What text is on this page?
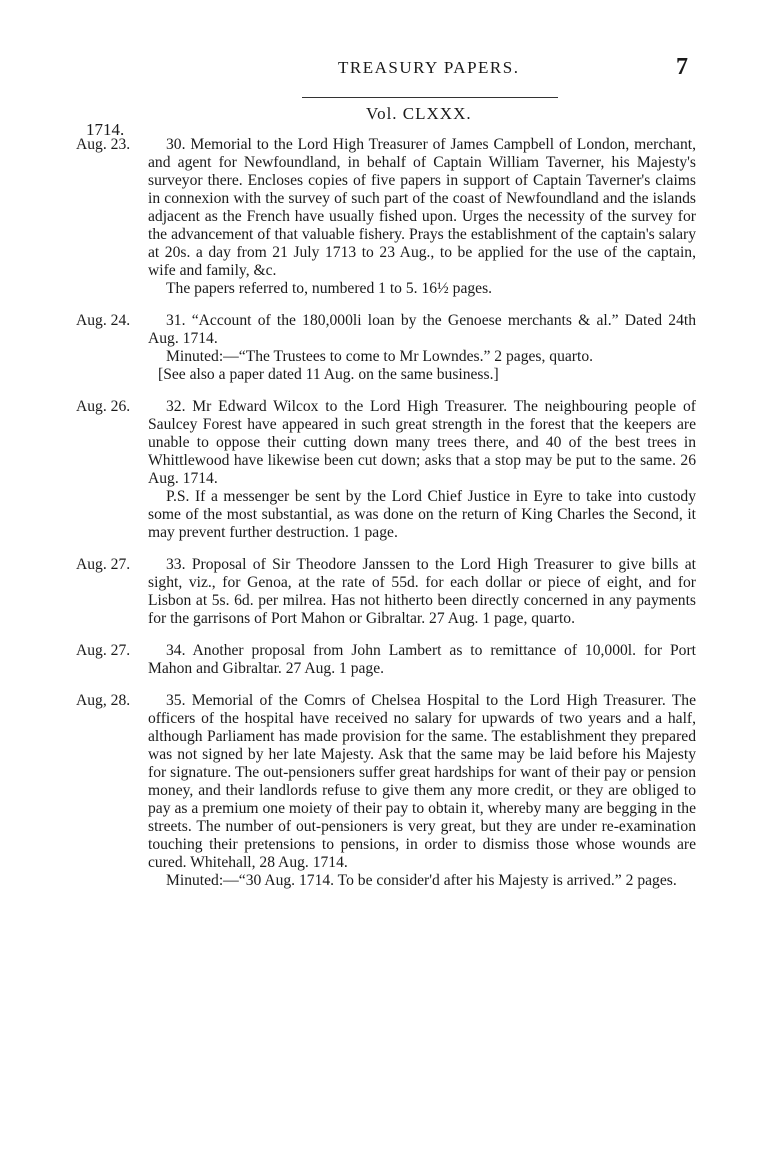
TREASURY PAPERS.	7
Vol. CLXXX.
1714.
Aug. 23.	30. Memorial to the Lord High Treasurer of James Campbell of London, merchant, and agent for Newfoundland, in behalf of Captain William Taverner, his Majesty's surveyor there. Encloses copies of five papers in support of Captain Taverner's claims in connexion with the survey of such part of the coast of Newfoundland and the islands adjacent as the French have usually fished upon. Urges the necessity of the survey for the advancement of that valuable fishery. Prays the establishment of the captain's salary at 20s. a day from 21 July 1713 to 23 Aug., to be applied for the use of the captain, wife and family, &c.

The papers referred to, numbered 1 to 5. 16½ pages.

Aug. 24.	31. “Account of the 180,000li loan by the Genoese merchants & al.” Dated 24th Aug. 1714.

Minuted:—“The Trustees to come to Mr Lowndes.” 2 pages, quarto.

[See also a paper dated 11 Aug. on the same business.]

Aug. 26.	32. Mr Edward Wilcox to the Lord High Treasurer. The neighbouring people of Saulcey Forest have appeared in such great strength in the forest that the keepers are unable to oppose their cutting down many trees there, and 40 of the best trees in Whittlewood have likewise been cut down; asks that a stop may be put to the same. 26 Aug. 1714.

P.S. If a messenger be sent by the Lord Chief Justice in Eyre to take into custody some of the most substantial, as was done on the return of King Charles the Second, it may prevent further destruction. 1 page.

Aug. 27.	33. Proposal of Sir Theodore Janssen to the Lord High Treasurer to give bills at sight, viz., for Genoa, at the rate of 55d. for each dollar or piece of eight, and for Lisbon at 5s. 6d. per milrea. Has not hitherto been directly concerned in any payments for the garrisons of Port Mahon or Gibraltar. 27 Aug. 1 page, quarto.

Aug. 27.	34. Another proposal from John Lambert as to remittance of 10,000l. for Port Mahon and Gibraltar. 27 Aug. 1 page.

Aug, 28.	35. Memorial of the Comrs of Chelsea Hospital to the Lord High Treasurer. The officers of the hospital have received no salary for upwards of two years and a half, although Parliament has made provision for the same. The establishment they prepared was not signed by her late Majesty. Ask that the same may be laid before his Majesty for signature. The out-pensioners suffer great hardships for want of their pay or pension money, and their landlords refuse to give them any more credit, or they are obliged to pay as a premium one moiety of their pay to obtain it, whereby many are begging in the streets. The number of out-pensioners is very great, but they are under re-examination touching their pretensions to pensions, in order to dismiss those whose wounds are cured. Whitehall, 28 Aug. 1714.

Minuted:—“30 Aug. 1714. To be consider'd after his Majesty is arrived.” 2 pages.
